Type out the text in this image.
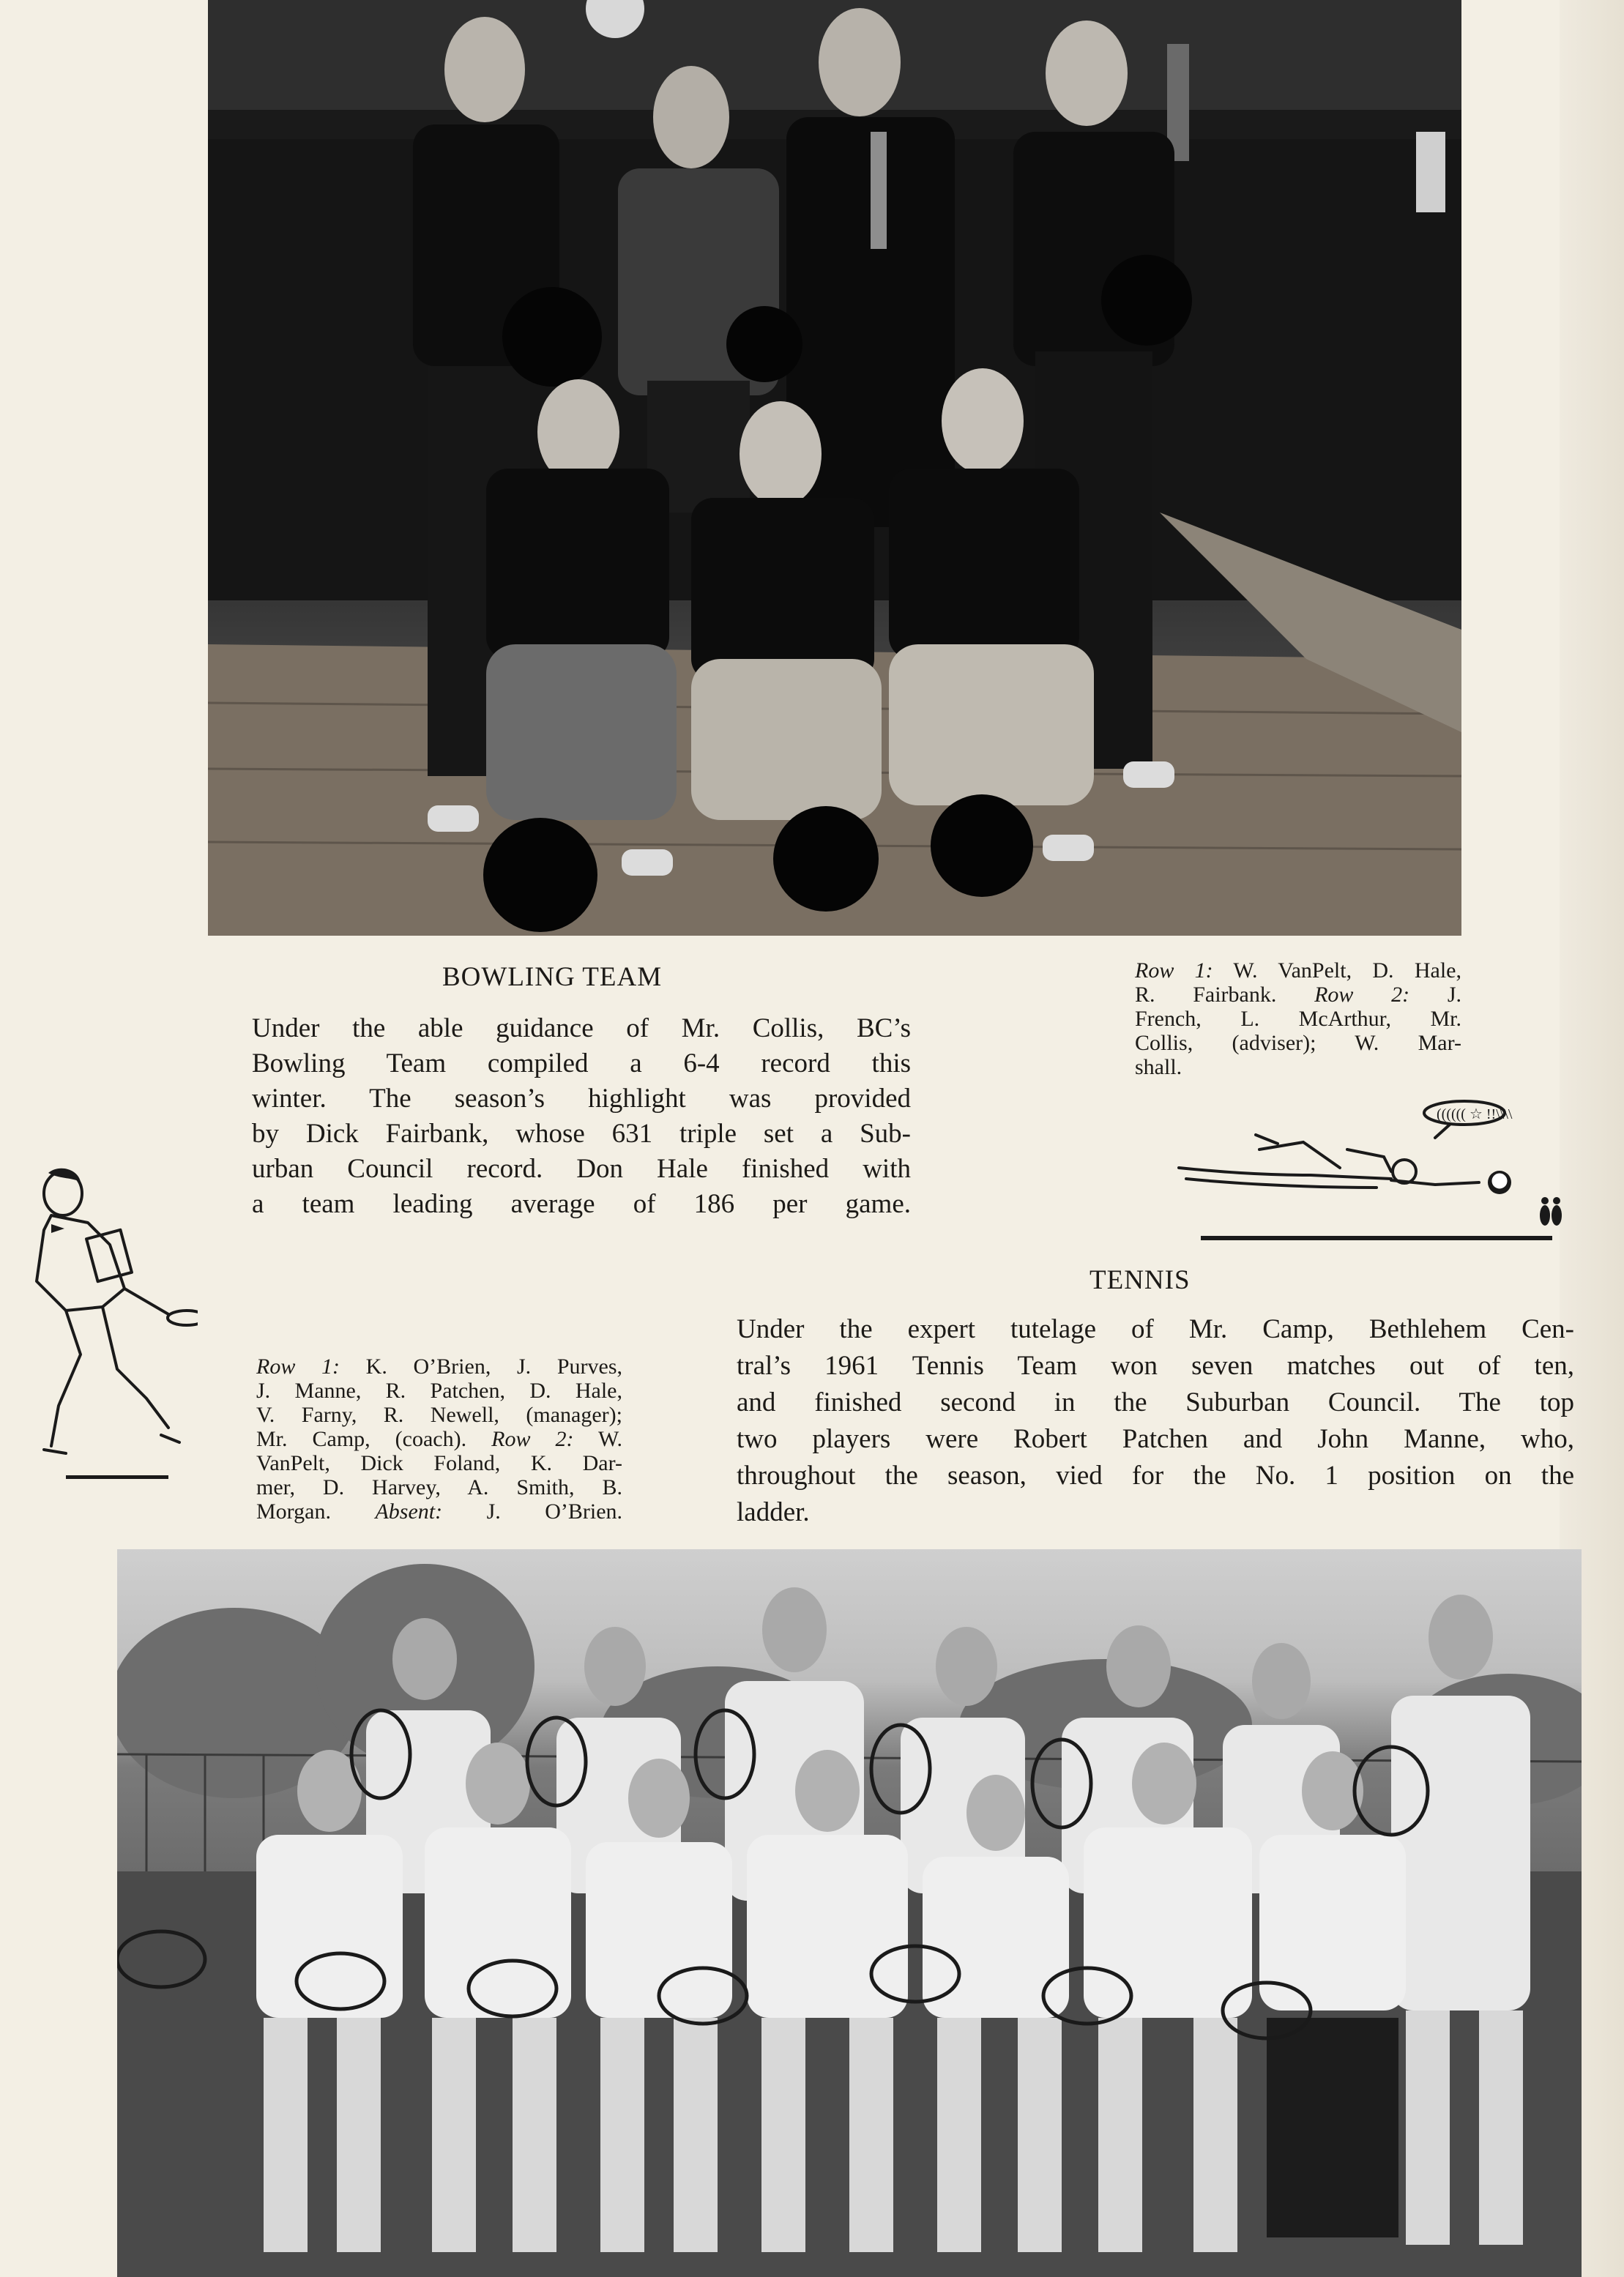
BOWLING TEAM
Under the able guidance of Mr. Collis, BC’s
Bowling Team compiled a 6-4 record this
winter. The season’s highlight was provided
by Dick Fairbank, whose 631 triple set a Sub-
urban Council record. Don Hale finished with
a team leading average of 186 per game.
Row 1: W. VanPelt, D. Hale,
R. Fairbank. Row 2: J.
French, L. McArthur, Mr.
Collis, (adviser); W. Mar-
shall.
(((((( ☆ !!\\\\
TENNIS
Under the expert tutelage of Mr. Camp, Bethlehem Cen-
tral’s 1961 Tennis Team won seven matches out of ten,
and finished second in the Suburban Council. The top
two players were Robert Patchen and John Manne, who,
throughout the season, vied for the No. 1 position on the
ladder.
Row 1: K. O’Brien, J. Purves,
J. Manne, R. Patchen, D. Hale,
V. Farny, R. Newell, (manager);
Mr. Camp, (coach). Row 2: W.
VanPelt, Dick Foland, K. Dar-
mer, D. Harvey, A. Smith, B.
Morgan. Absent: J. O’Brien.
